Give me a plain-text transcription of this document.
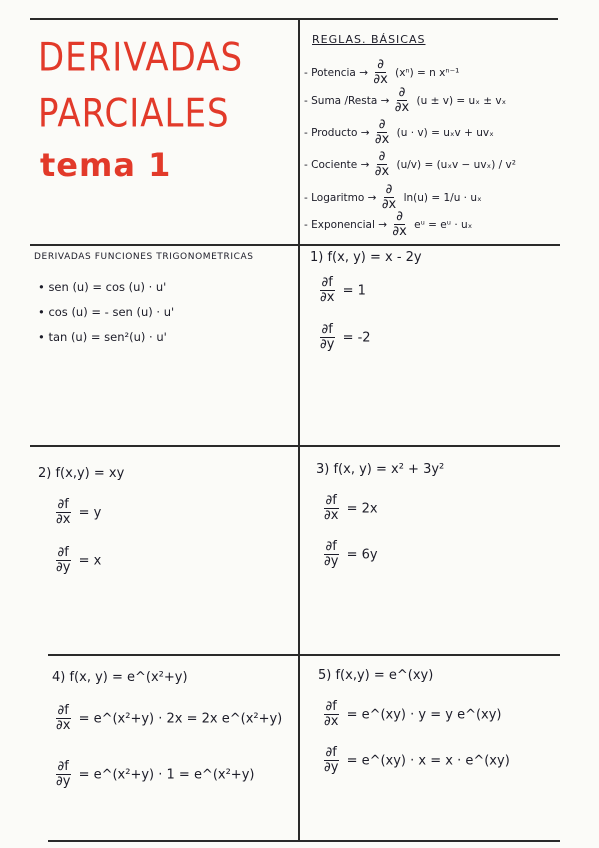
DERIVADAS
PARCIALES
tema 1
REGLAS. BÁSICAS
- Potencia → $\frac{\partial}{\partial x} (x^n) = n$ xⁿ⁻¹
- Suma /Resta → $\frac{\partial}{\partial x} (u \pm v) = u_x \pm v_x$
- Producto → $\frac{\partial}{\partial x} (u \cdot v) = u_xv + uv_x$
- Cociente → $\frac{\partial}{\partial x} (u/v) = (u_xv - uv_x) / v^2$
- Logaritmo → $\frac{\partial}{\partial x} \ln(u) = 1/u \cdot u_x$
- Exponencial → $\frac{\partial}{\partial x}$ eᵘ = eᵘ · uₓ
DERIVADAS FUNCIONES TRIGONOMÉTRICAS
• sen (u) = cos (u) · u'
• cos (u) = - sen (u) · u'
• tan (u) = sen²(u) · u'
1) f(x, y) = x - 2y
$\frac{\partial f}{\partial x} = 1$
$\frac{\partial f}{\partial y} = -2$
2) f(x,y) = xy
$\frac{\partial f}{\partial x} = y$
$\frac{\partial f}{\partial y} = x$
3) f(x, y) = x² + 3y²
$\frac{\partial f}{\partial x} = 2x$
$\frac{\partial f}{\partial y} = 6y$
4) f(x, y) = e^(x²+y)
$\frac{\partial f}{\partial x}$ = e^(x²+y) · 2x = 2x e^(x²+y)
$\frac{\partial f}{\partial y}$ = e^(x²+y) · 1 = e^(x²+y)
5) f(x,y) = e^(xy)
$\frac{\partial f}{\partial x}$ = e^(xy) · y = y e^(xy)
$\frac{\partial f}{\partial y}$ = e^(xy) · x = x · e^(xy)
